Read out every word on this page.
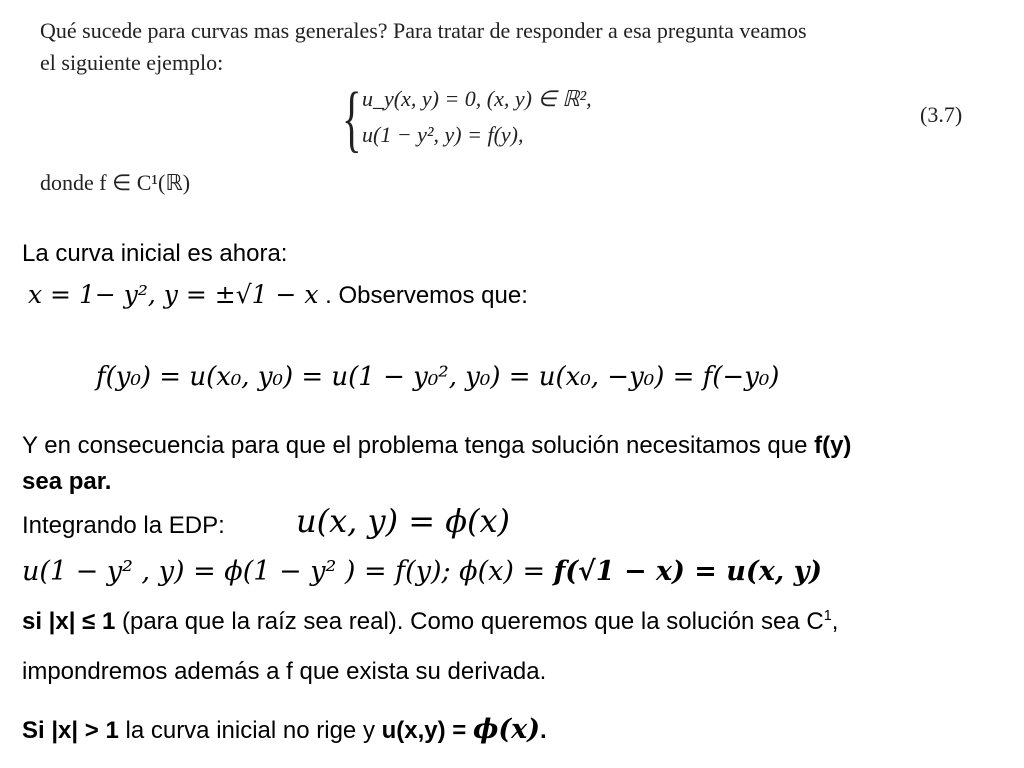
Qué sucede para curvas mas generales? Para tratar de responder a esa pregunta veamos
el siguiente ejemplo:
{ u_y(x, y) = 0, (x, y) ∈ ℝ²,
u(1 − y², y) = f(y),
(3.7)
donde f ∈ C¹(ℝ)
La curva inicial es ahora:
x = 1− y², y = ±√1 − x . Observemos que:
f(y₀) = u(x₀, y₀) = u(1 − y₀², y₀) = u(x₀, −y₀) = f(−y₀)
Y en consecuencia para que el problema tenga solución necesitamos que f(y)
sea par.
Integrando la EDP: u(x, y) = ϕ(x)
u(1 − y² , y) = ϕ(1 − y² ) = f(y); ϕ(x) = f(√1 − x) = u(x, y)
si |x| ≤ 1 (para que la raíz sea real). Como queremos que la solución sea $C^1$,
impondremos además a f que exista su derivada.
Si |x| > 1 la curva inicial no rige y u(x,y) = ϕ(x).
